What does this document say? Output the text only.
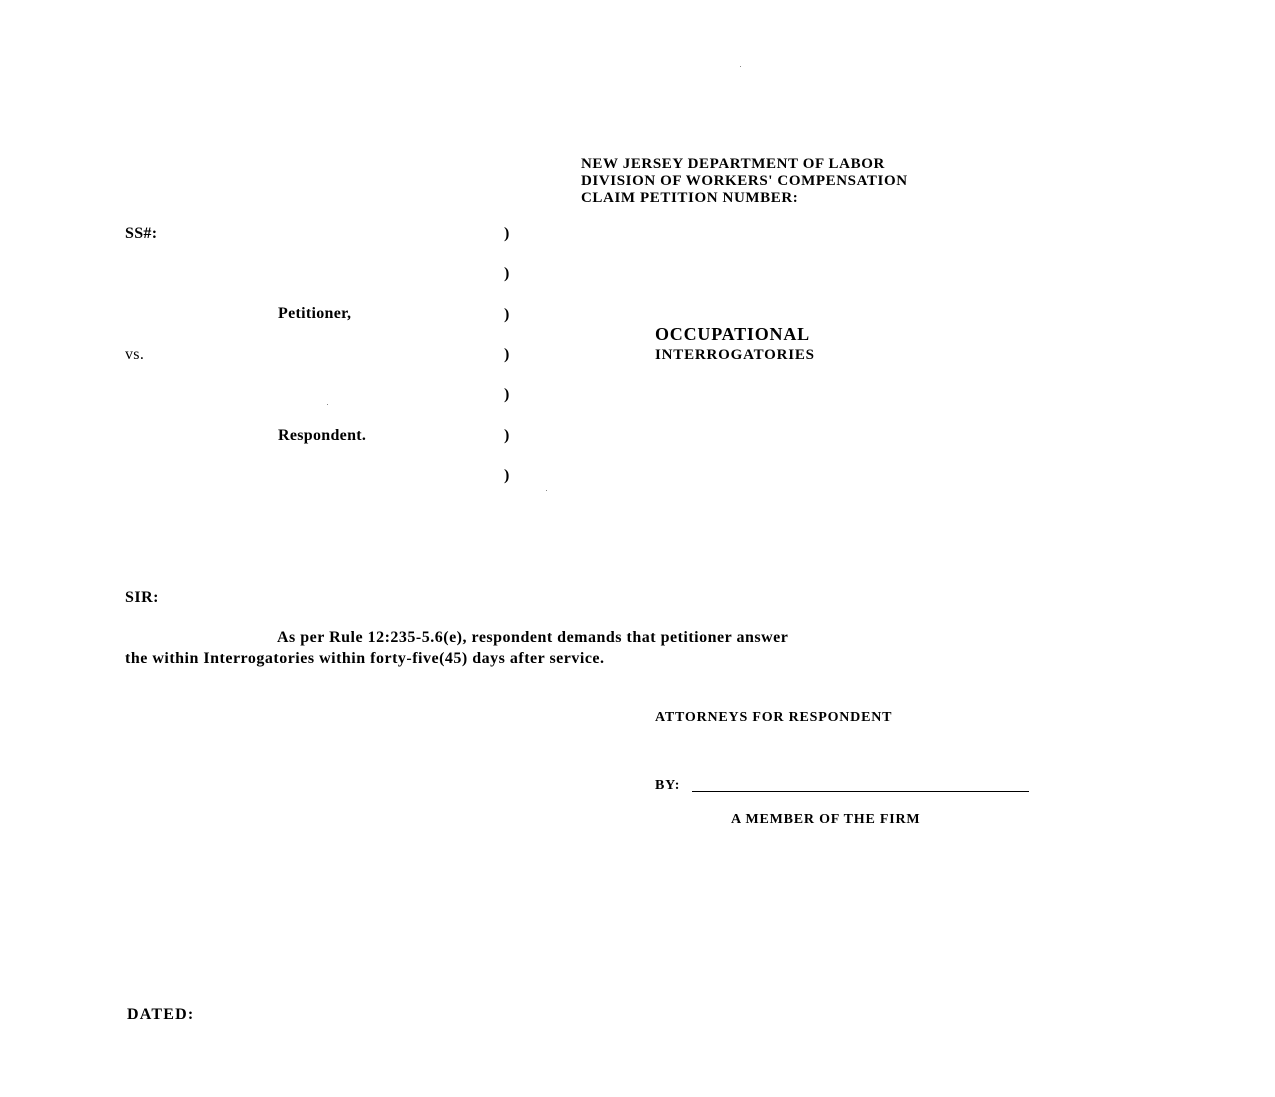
NEW JERSEY DEPARTMENT OF LABOR
DIVISION OF WORKERS' COMPENSATION
CLAIM PETITION NUMBER:
SS#:
Petitioner,
vs.
Respondent.
)
)
)
)
)
)
)
OCCUPATIONAL
INTERROGATORIES
SIR:
As per Rule 12:235-5.6(e), respondent demands that petitioner answer
the within Interrogatories within forty-five(45) days after service.
ATTORNEYS FOR RESPONDENT
BY:
A MEMBER OF THE FIRM
DATED:
